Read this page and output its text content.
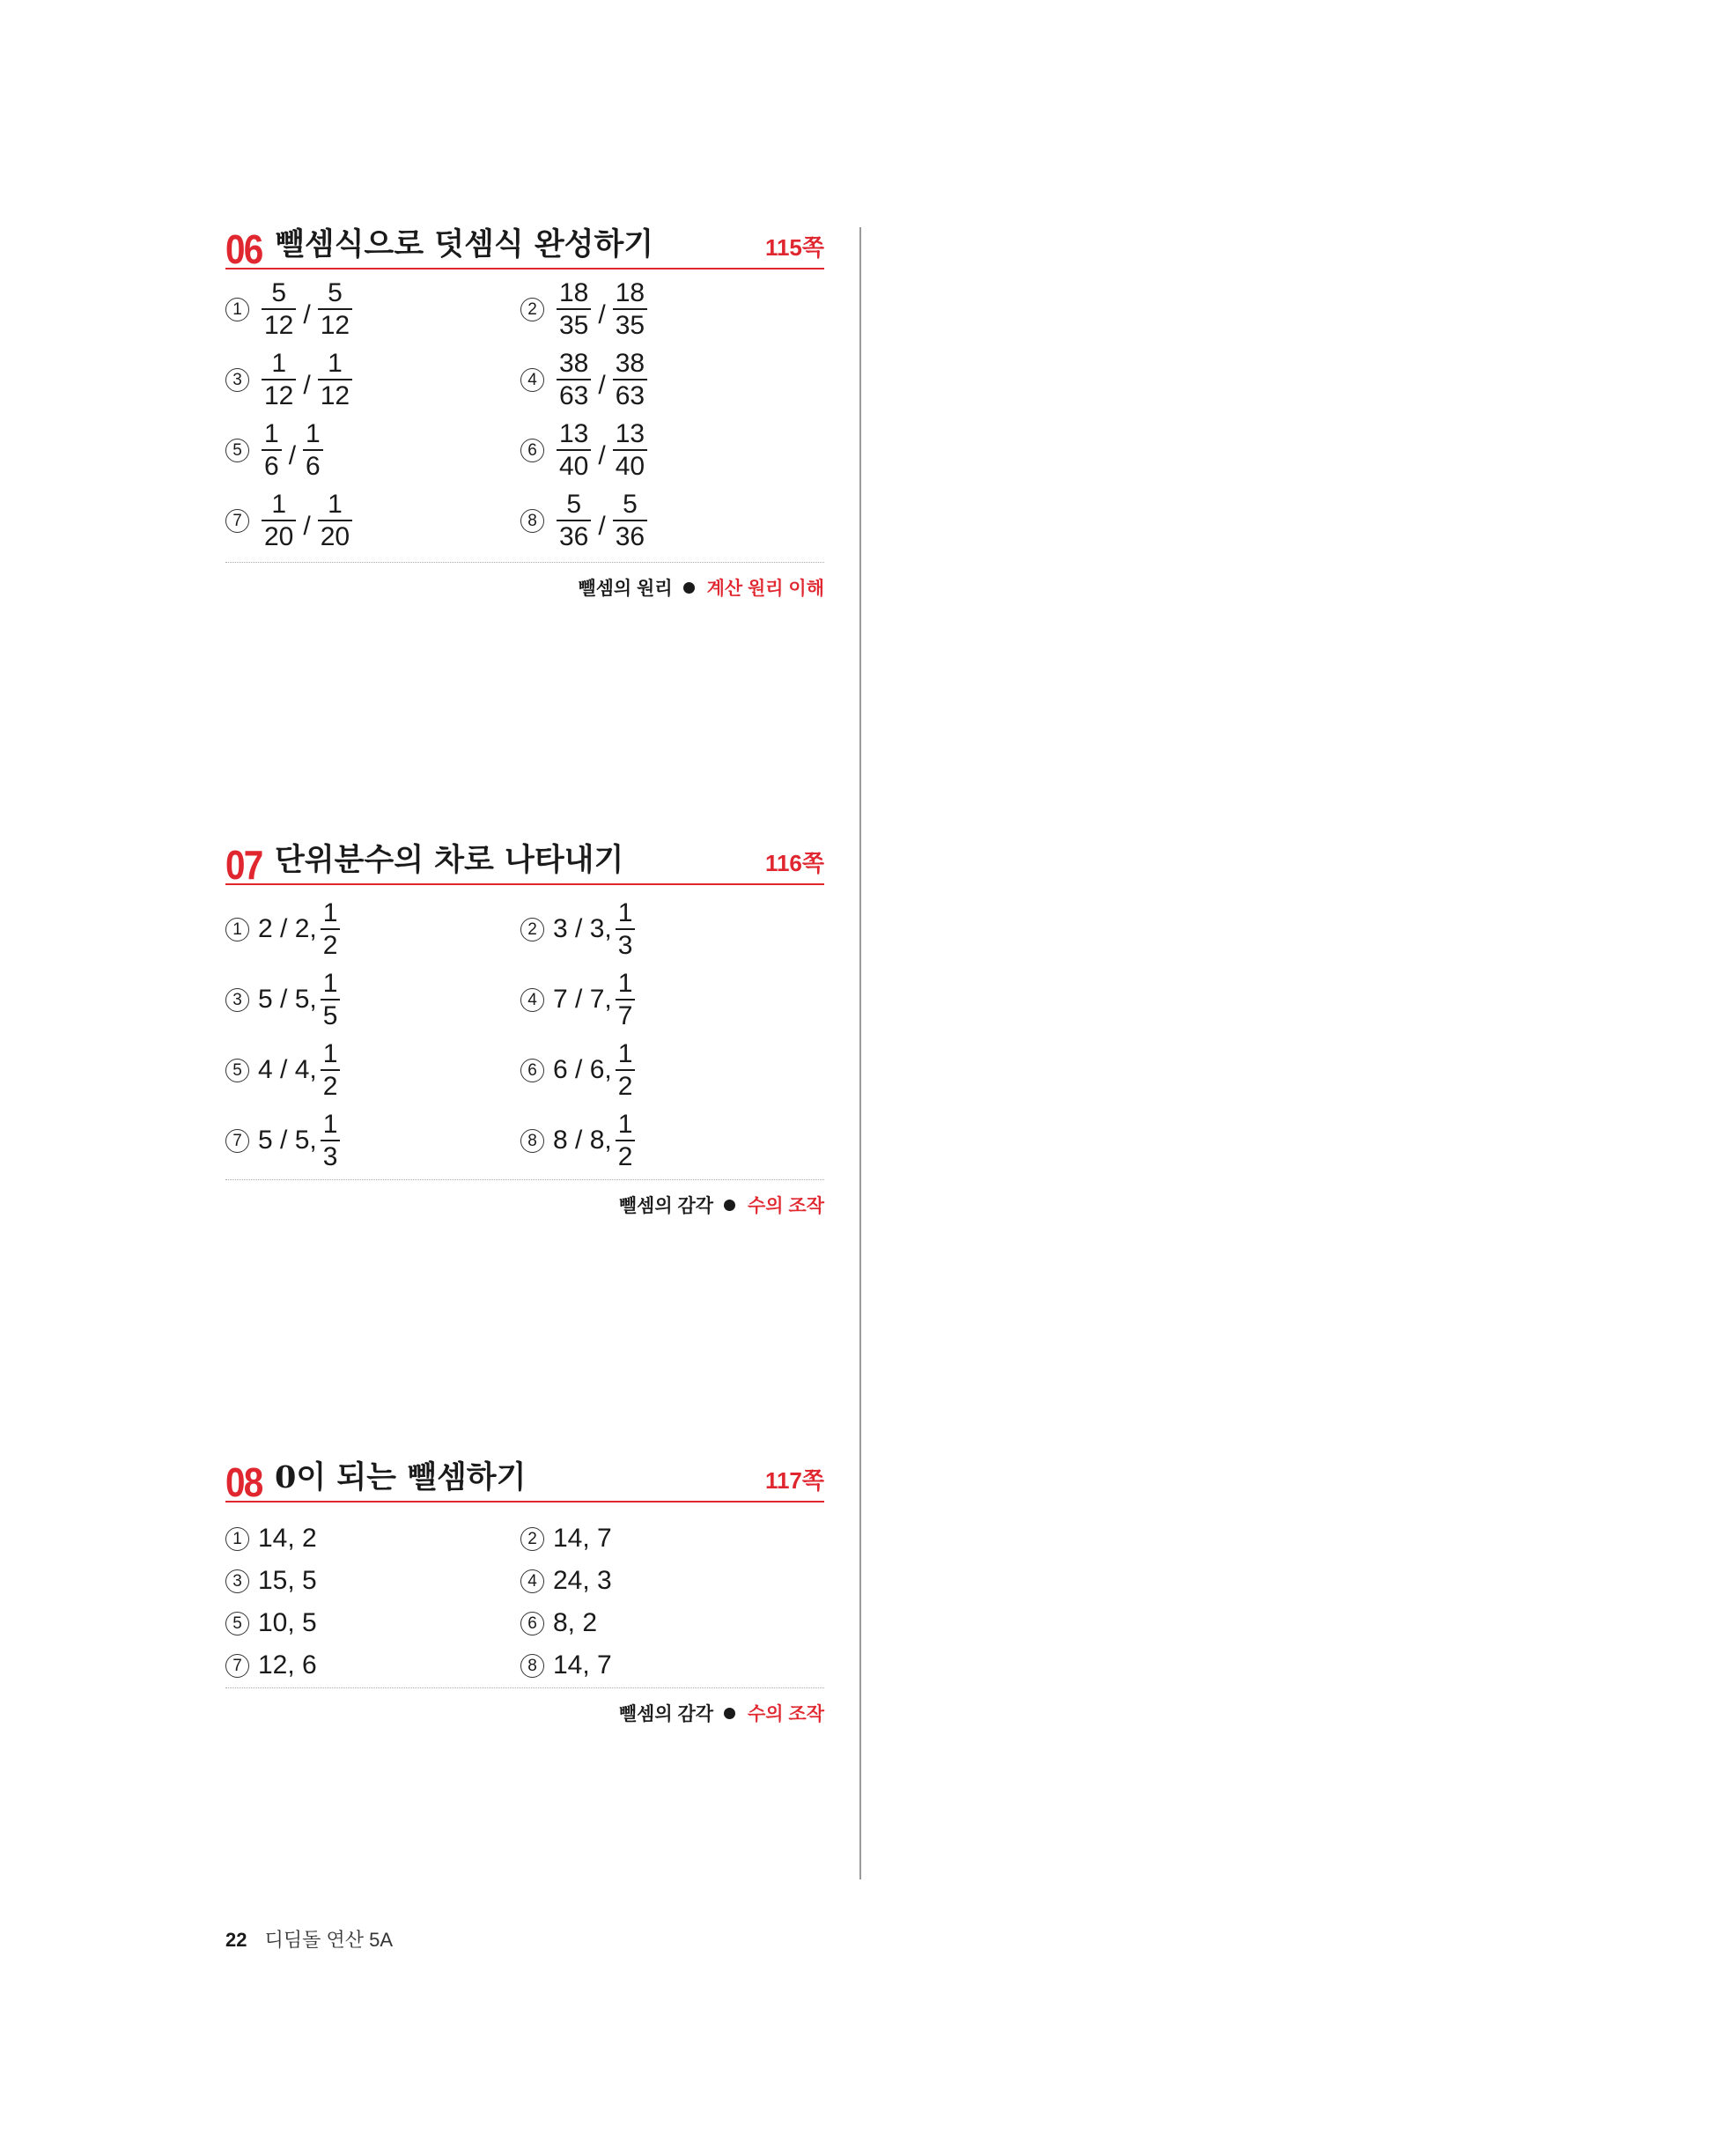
06 뺄셈식으로 덧셈식 완성하기	115쪽
$1 \frac{5}{12} / \frac{5}{12}$	$2 \frac{18}{35} / \frac{18}{35}$
$3 \frac{1}{12} / \frac{1}{12}$	$4 \frac{38}{63} / \frac{38}{63}$
$5 \frac{1}{6} / \frac{1}{6}$	$6 \frac{13}{40} / \frac{13}{40}$
$7 \frac{1}{20} / \frac{1}{20}$	$8 \frac{5}{36} / \frac{5}{36}$
뺄셈의 원리 계산 원리 이해
07 단위분수의 차로 나타내기	116쪽
1 2 / 2, $\frac{1}{2}$	2 3 / 3, $\frac{1}{3}$
3 5 / 5, $\frac{1}{5}$	4 7 / 7, $\frac{1}{7}$
5 4 / 4, $\frac{1}{2}$	6 6 / 6, $\frac{1}{2}$
7 5 / 5, $\frac{1}{3}$	8 8 / 8, $\frac{1}{2}$
뺄셈의 감각 수의 조작
08 0이 되는 뺄셈하기	117쪽
1 14, 2	2 14, 7
3 15, 5	4 24, 3
5 10, 5	6 8, 2
7 12, 6	8 14, 7
뺄셈의 감각 수의 조작
22 디딤돌 연산 5A
